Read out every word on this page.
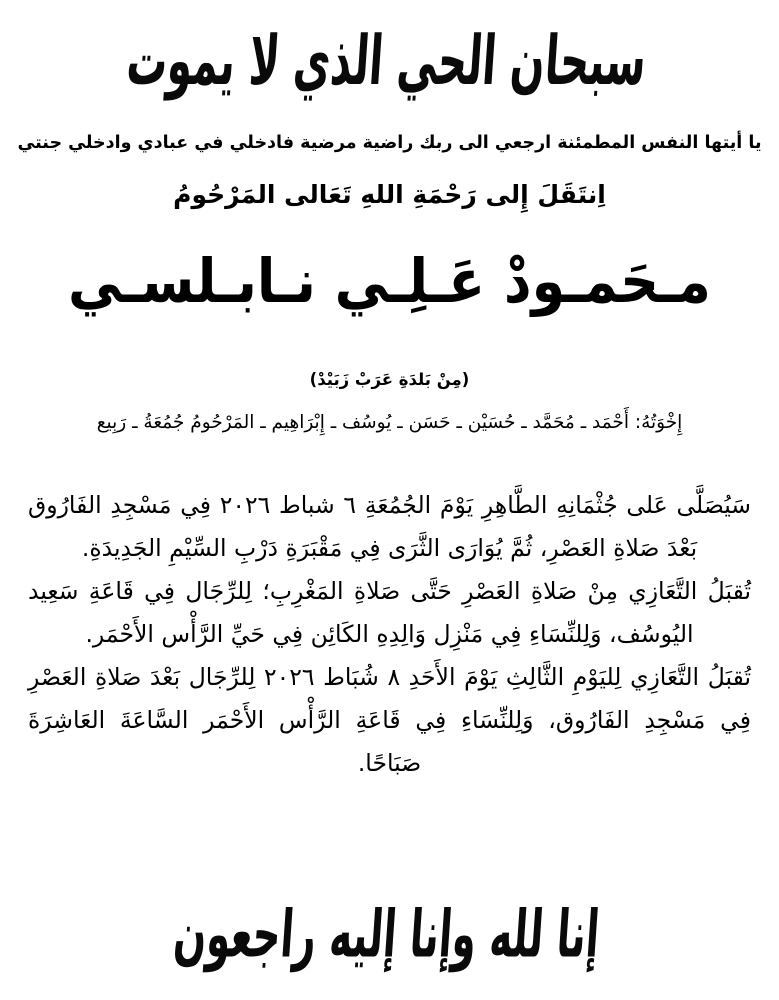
سبحان الحي الذي لا يموت
يا أيتها النفس المطمئنة ارجعي الى ربك راضية مرضية فادخلي في عبادي وادخلي جنتي
اِنتَقَلَ إِلى رَحْمَةِ اللهِ تَعَالى المَرْحُومُ
مـحَمـودْ عَـلِـي نـابـلسـي
(مِنْ بَلدَةِ عَرَبْ زَبَيْدْ)
إِخْوَتُهُ: أَحْمَد ـ مُحَمَّد ـ حُسَيْن ـ حَسَن ـ يُوسُف ـ إِبْرَاهِيم ـ المَرْحُومُ جُمُعَةُ ـ رَبِيع

سَيُصَلَّى عَلى جُثْمَانِهِ الطَّاهِرِ يَوْمَ الجُمُعَةِ ٦ شباط ٢٠٢٦ فِي مَسْجِدِ الفَارُوق بَعْدَ صَلاةِ العَصْرِ، ثُمَّ يُوَارَى الثَّرَى فِي مَقْبَرَةِ دَرْبِ السِّيْمِ الجَدِيدَةِ.

تُقبَلُ التَّعَازِي مِنْ صَلاةِ العَصْرِ حَتَّى صَلاةِ المَغْرِبِ؛ لِلرِّجَال فِي قَاعَةِ سَعِيد اليُوسُف، وَلِلنِّسَاءِ فِي مَنْزِل وَالِدِهِ الكَائِن فِي حَيِّ الرَّأْس الأَحْمَر.

تُقبَلُ التَّعَازِي لِليَوْمِ الثَّالِثِ يَوْمَ الأَحَدِ ٨ شُبَاط ٢٠٢٦ لِلرِّجَال بَعْدَ صَلاةِ العَصْرِ فِي مَسْجِدِ الفَارُوق، وَلِلنِّسَاءِ فِي قَاعَةِ الرَّأْس الأَحْمَر السَّاعَةَ العَاشِرَةَ صَبَاحًا.

إنا لله وإنا إليه راجعون
